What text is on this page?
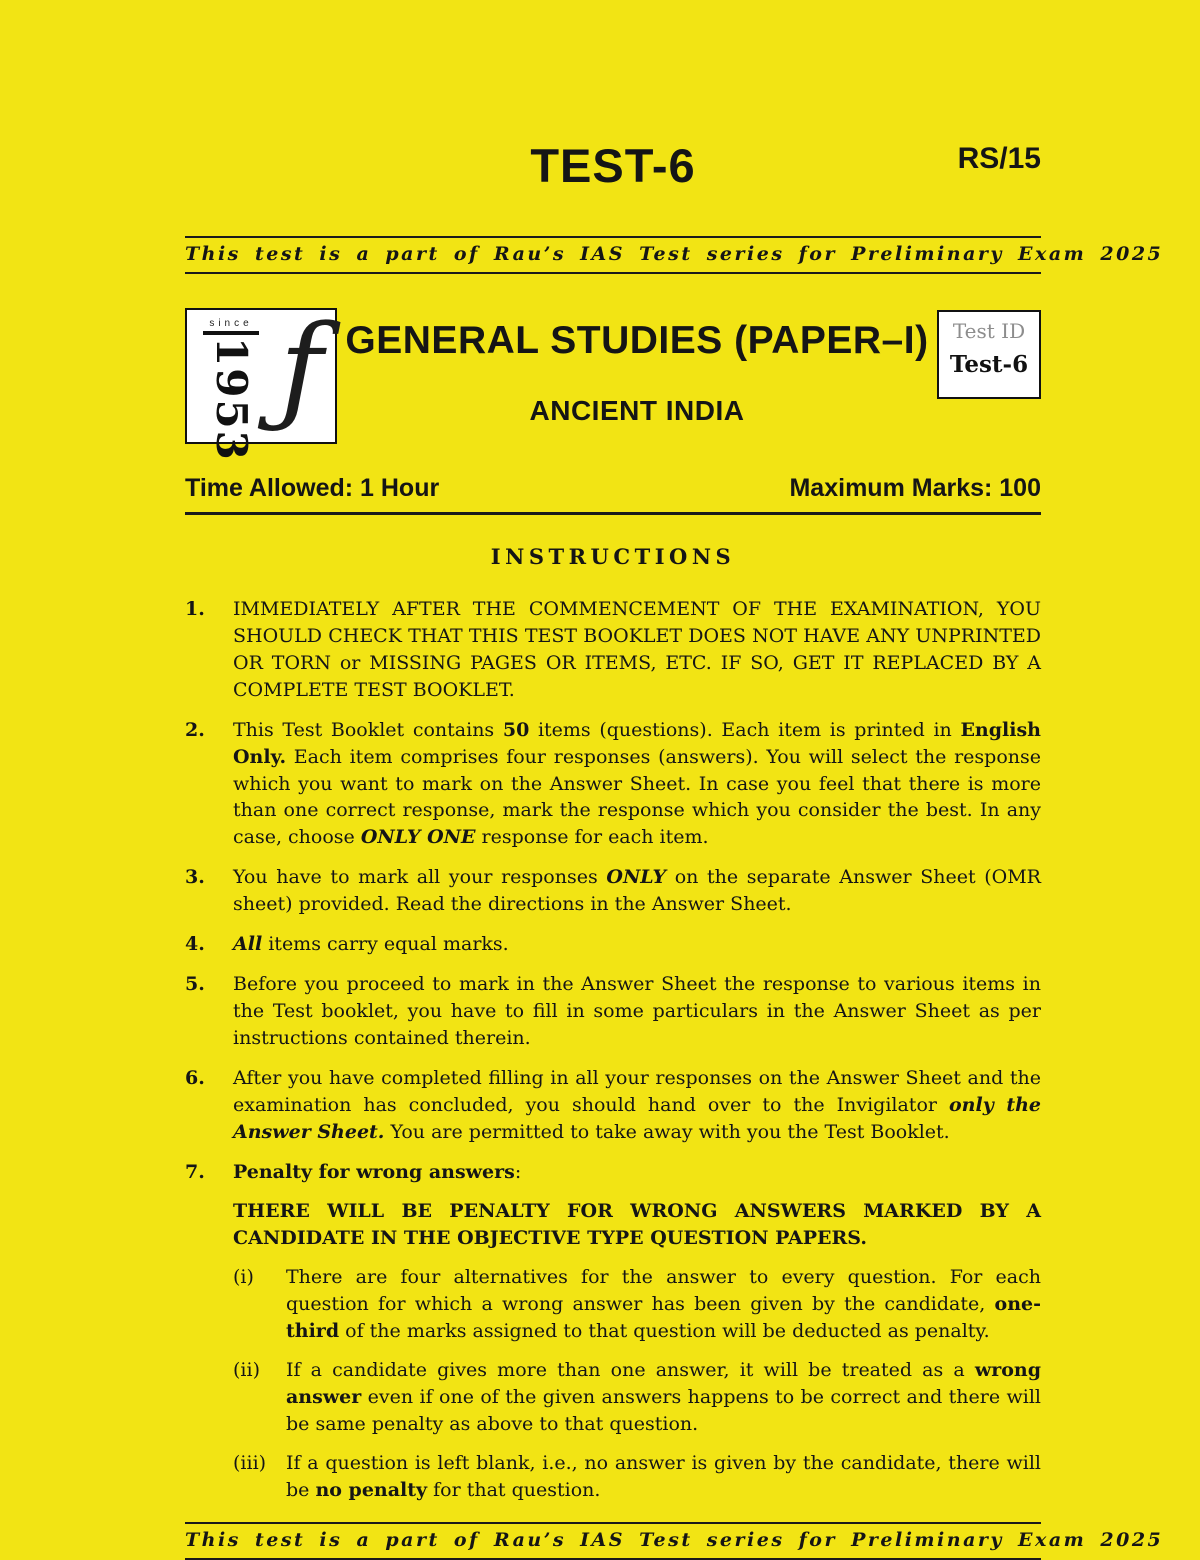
TEST-6	RS/15
This test is a part of Rau’s IAS Test series for Preliminary Exam 2025
since
1953 ƒ GENERAL STUDIES (PAPER–I)
ANCIENT INDIA
Test ID
Test-6
Time Allowed: 1 Hour	Maximum Marks: 100
INSTRUCTIONS
1.	IMMEDIATELY AFTER THE COMMENCEMENT OF THE EXAMINATION, YOU SHOULD CHECK THAT THIS TEST BOOKLET DOES NOT HAVE ANY UNPRINTED OR TORN or MISSING PAGES OR ITEMS, ETC. IF SO, GET IT REPLACED BY A COMPLETE TEST BOOKLET.

2.	This Test Booklet contains 50 items (questions). Each item is printed in English Only. Each item comprises four responses (answers). You will select the response which you want to mark on the Answer Sheet. In case you feel that there is more than one correct response, mark the response which you consider the best. In any case, choose ONLY ONE response for each item.

3.	You have to mark all your responses ONLY on the separate Answer Sheet (OMR sheet) provided. Read the directions in the Answer Sheet.

4.	All items carry equal marks.

5.	Before you proceed to mark in the Answer Sheet the response to various items in the Test booklet, you have to fill in some particulars in the Answer Sheet as per instructions contained therein.

6.	After you have completed filling in all your responses on the Answer Sheet and the examination has concluded, you should hand over to the Invigilator only the Answer Sheet. You are permitted to take away with you the Test Booklet.

7.	Penalty for wrong answers:

THERE WILL BE PENALTY FOR WRONG ANSWERS MARKED BY A CANDIDATE IN THE OBJECTIVE TYPE QUESTION PAPERS.

(i)	There are four alternatives for the answer to every question. For each question for which a wrong answer has been given by the candidate, one-third of the marks assigned to that question will be deducted as penalty.
(ii)	If a candidate gives more than one answer, it will be treated as a wrong answer even if one of the given answers happens to be correct and there will be same penalty as above to that question.
(iii)	If a question is left blank, i.e., no answer is given by the candidate, there will be no penalty for that question.
This test is a part of Rau’s IAS Test series for Preliminary Exam 2025
